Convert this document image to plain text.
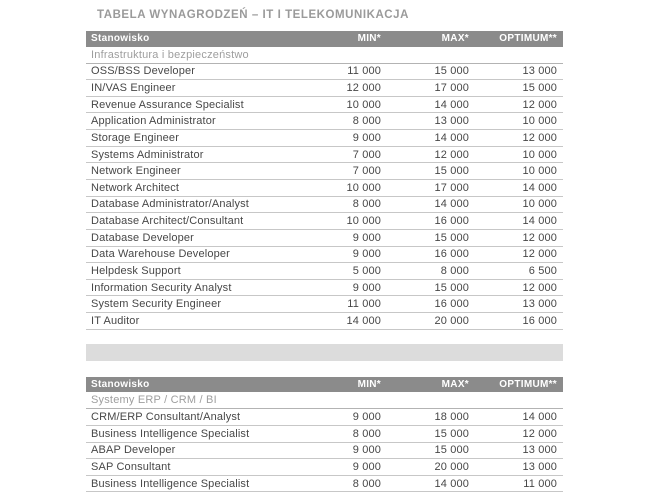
TABELA WYNAGRODZEŃ – IT I TELEKOMUNIKACJA
Stanowisko	MIN*	MAX*	OPTIMUM**
Infrastruktura i bezpieczeństwo
OSS/BSS Developer	11 000	15 000	13 000
IN/VAS Engineer	12 000	17 000	15 000
Revenue Assurance Specialist	10 000	14 000	12 000
Application Administrator	8 000	13 000	10 000
Storage Engineer	9 000	14 000	12 000
Systems Administrator	7 000	12 000	10 000
Network Engineer	7 000	15 000	10 000
Network Architect	10 000	17 000	14 000
Database Administrator/Analyst	8 000	14 000	10 000
Database Architect/Consultant	10 000	16 000	14 000
Database Developer	9 000	15 000	12 000
Data Warehouse Developer	9 000	16 000	12 000
Helpdesk Support	5 000	8 000	6 500
Information Security Analyst	9 000	15 000	12 000
System Security Engineer	11 000	16 000	13 000
IT Auditor	14 000	20 000	16 000
Stanowisko	MIN*	MAX*	OPTIMUM**
Systemy ERP / CRM / BI
CRM/ERP Consultant/Analyst	9 000	18 000	14 000
Business Intelligence Specialist	8 000	15 000	12 000
ABAP Developer	9 000	15 000	13 000
SAP Consultant	9 000	20 000	13 000
Business Intelligence Specialist	8 000	14 000	11 000
